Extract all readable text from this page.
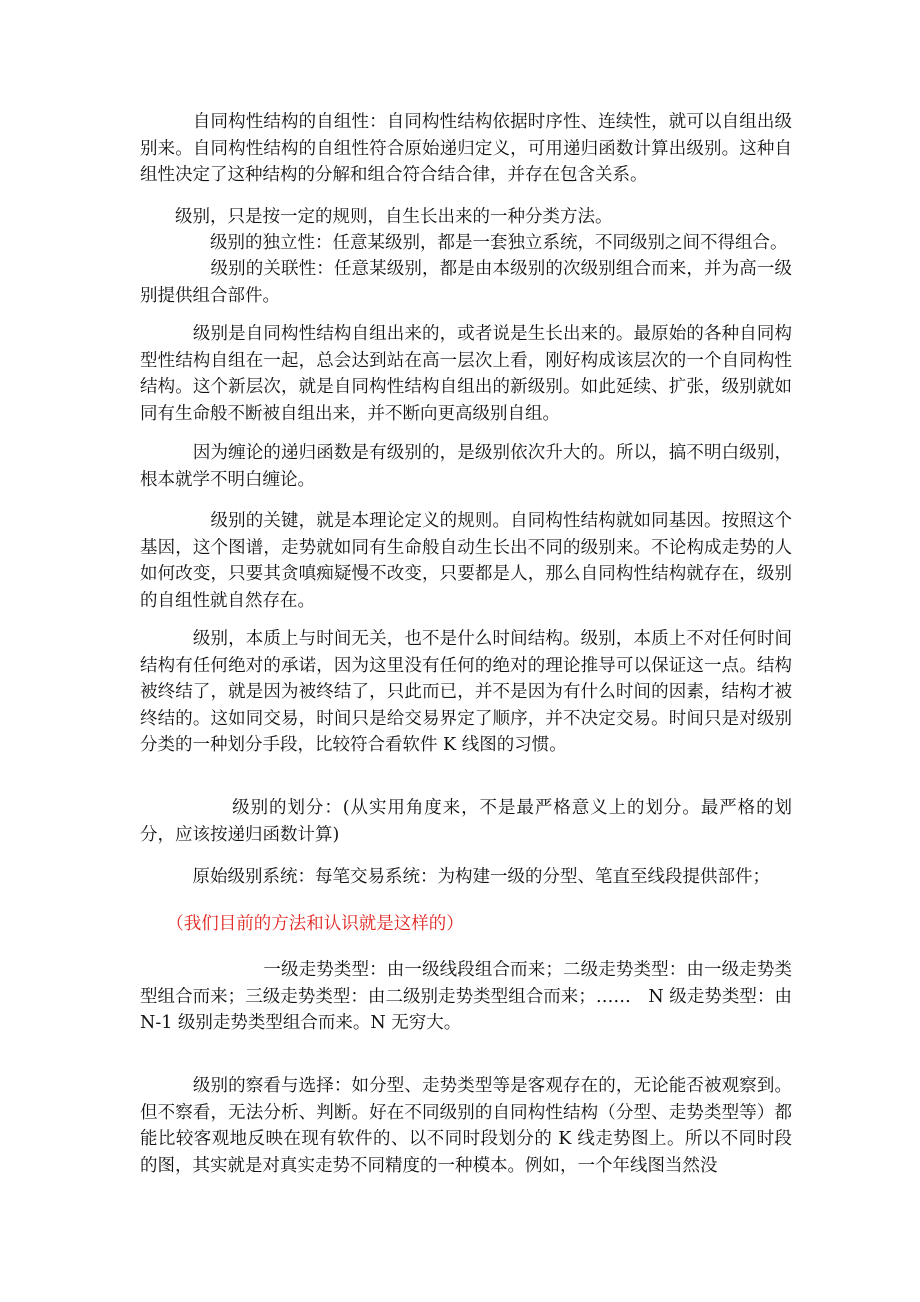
　　　自同构性结构的自组性：自同构性结构依据时序性、连续性，就可以自组出级别来。自同构性结构的自组性符合原始递归定义，可用递归函数计算出级别。这种自组性决定了这种结构的分解和组合符合结合律，并存在包含关系。

　　级别，只是按一定的规则，自生长出来的一种分类方法。

　　　　级别的独立性：任意某级别，都是一套独立系统，不同级别之间不得组合。

　　　　级别的关联性：任意某级别，都是由本级别的次级别组合而来，并为高一级别提供组合部件。

　　　级别是自同构性结构自组出来的，或者说是生长出来的。最原始的各种自同构型性结构自组在一起，总会达到站在高一层次上看，刚好构成该层次的一个自同构性结构。这个新层次，就是自同构性结构自组出的新级别。如此延续、扩张，级别就如同有生命般不断被自组出来，并不断向更高级别自组。

　　　因为缠论的递归函数是有级别的，是级别依次升大的。所以，搞不明白级别，根本就学不明白缠论。

　　　　级别的关键，就是本理论定义的规则。自同构性结构就如同基因。按照这个基因，这个图谱，走势就如同有生命般自动生长出不同的级别来。不论构成走势的人如何改变，只要其贪嗔痴疑慢不改变，只要都是人，那么自同构性结构就存在，级别的自组性就自然存在。

　　　级别，本质上与时间无关，也不是什么时间结构。级别，本质上不对任何时间结构有任何绝对的承诺，因为这里没有任何的绝对的理论推导可以保证这一点。结构被终结了，就是因为被终结了，只此而已，并不是因为有什么时间的因素，结构才被终结的。这如同交易，时间只是给交易界定了顺序，并不决定交易。时间只是对级别 分类的一种划分手段，比较符合看软件 K 线图的习惯。

　　　　　级别的划分：(从实用角度来，不是最严格意义上的划分。最严格的划分，应该按递归函数计算)

　　　原始级别系统：每笔交易系统：为构建一级的分型、笔直至线段提供部件；

　　（我们目前的方法和认识就是这样的）

　　　　　　　一级走势类型：由一级线段组合而来；二级走势类型：由一级走势类型组合而来；三级走势类型：由二级别走势类型组合而来；……　N 级走势类型：由 N-1 级别走势类型组合而来。N 无穷大。

　　　级别的察看与选择：如分型、走势类型等是客观存在的，无论能否被观察到。但不察看，无法分析、判断。好在不同级别的自同构性结构（分型、走势类型等）都能比较客观地反映在现有软件的、以不同时段划分的 K 线走势图上。所以不同时段的图，其实就是对真实走势不同精度的一种模本。例如，一个年线图当然没
